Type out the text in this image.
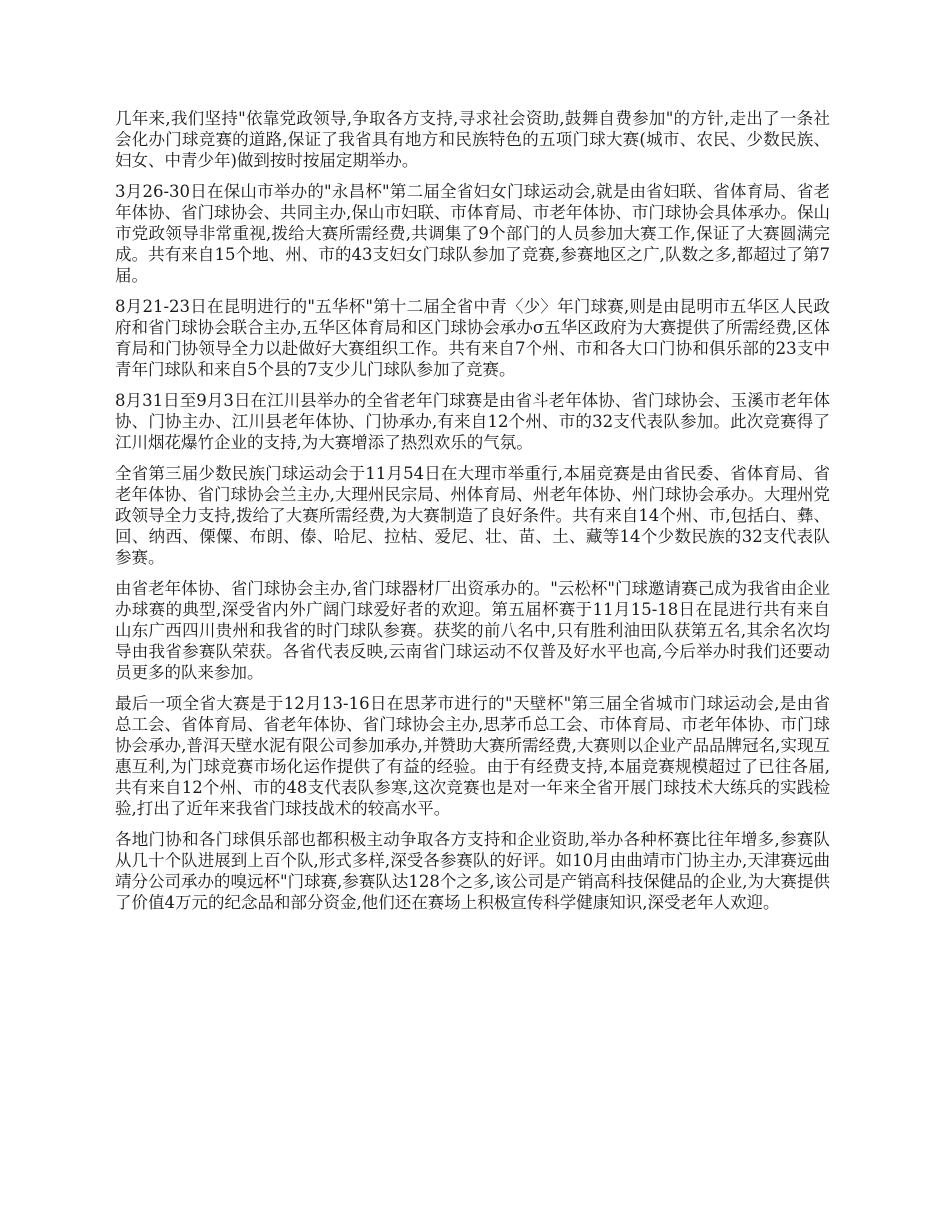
几年来,我们坚持"依靠党政领导,争取各方支持,寻求社会资助,鼓舞自费参加"的方针,走出了一条社会化办门球竞赛的道路,保证了我省具有地方和民族特色的五项门球大赛(城市、农民、少数民族、妇女、中青少年)做到按时按届定期举办。

3月26-30日在保山市举办的"永昌杯"第二届全省妇女门球运动会,就是由省妇联、省体育局、省老年体协、省门球协会、共同主办,保山市妇联、市体育局、市老年体协、市门球协会具体承办。保山市党政领导非常重视,拨给大赛所需经费,共调集了9个部门的人员参加大赛工作,保证了大赛圆满完成。共有来自15个地、州、市的43支妇女门球队参加了竞赛,参赛地区之广,队数之多,都超过了第7届。

8月21-23日在昆明进行的"五华杯"第十二届全省中青〈少〉年门球赛,则是由昆明市五华区人民政府和省门球协会联合主办,五华区体育局和区门球协会承办σ五华区政府为大赛提供了所需经费,区体育局和门协领导全力以赴做好大赛组织工作。共有来自7个州、市和各大口门协和俱乐部的23支中青年门球队和来自5个县的7支少儿门球队参加了竞赛。

8月31日至9月3日在江川县举办的全省老年门球赛是由省斗老年体协、省门球协会、玉溪市老年体协、门协主办、江川县老年体协、门协承办,有来自12个州、市的32支代表队参加。此次竞赛得了江川烟花爆竹企业的支持,为大赛增添了热烈欢乐的气氛。

全省第三届少数民族门球运动会于11月54日在大理市举重行,本届竞赛是由省民委、省体育局、省老年体协、省门球协会兰主办,大理州民宗局、州体育局、州老年体协、州门球协会承办。大理州党政领导全力支持,拨给了大赛所需经费,为大赛制造了良好条件。共有来自14个州、市,包括白、彝、回、纳西、傈僳、布朗、傣、哈尼、拉枯、爱尼、壮、苗、土、藏等14个少数民族的32支代表队参赛。

由省老年体协、省门球协会主办,省门球器材厂出资承办的。"云松杯"门球邀请赛己成为我省由企业办球赛的典型,深受省内外广阔门球爱好者的欢迎。第五届杯赛于11月15-18日在昆进行共有来自山东广西四川贵州和我省的时门球队参赛。获奖的前八名中,只有胜利油田队获第五名,其余名次均导由我省参赛队荣获。各省代表反映,云南省门球运动不仅普及好水平也高,今后举办时我们还要动员更多的队来参加。

最后一项全省大赛是于12月13-16日在思茅市进行的"天壁杯"第三届全省城市门球运动会,是由省总工会、省体育局、省老年体协、省门球协会主办,思茅币总工会、市体育局、市老年体协、市门球协会承办,普洱天壁水泥有限公司参加承办,并赞助大赛所需经费,大赛则以企业产品品牌冠名,实现互惠互利,为门球竞赛市场化运作提供了有益的经验。由于有经费支持,本届竞赛规模超过了已往各届,共有来自12个州、市的48支代表队参寒,这次竞赛也是对一年来全省开展门球技术大练兵的实践检验,打出了近年来我省门球技战术的较高水平。

各地门协和各门球俱乐部也都积极主动争取各方支持和企业资助,举办各种杯赛比往年增多,参赛队从几十个队进展到上百个队,形式多样,深受各参赛队的好评。如10月由曲靖市门协主办,天津赛远曲靖分公司承办的嗅远杯"门球赛,参赛队达128个之多,该公司是产销高科技保健品的企业,为大赛提供了价值4万元的纪念品和部分资金,他们还在赛场上积极宣传科学健康知识,深受老年人欢迎。
